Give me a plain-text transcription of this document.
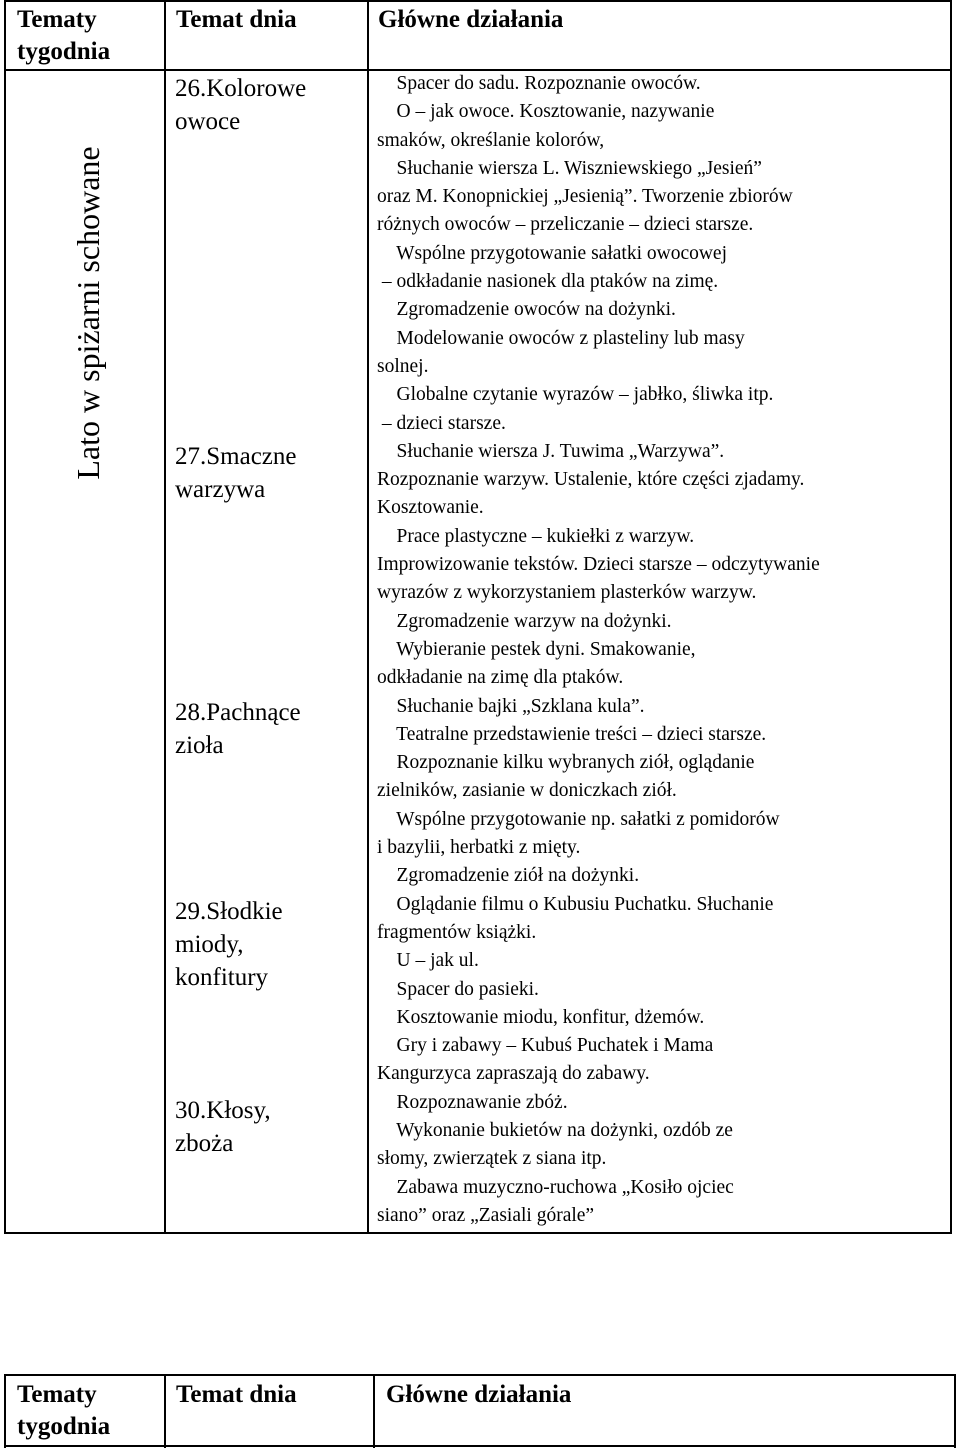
Tematy
tygodnia
Temat dnia	Główne działania
Lato w spiżarni schowane
26.Kolorowe
owoce
27.Smaczne
warzywa
28.Pachnące
zioła
29.Słodkie
miody,
konfitury
30.Kłosy,
zboża
Spacer do sadu. Rozpoznanie owoców.
O – jak owoce. Kosztowanie, nazywanie
smaków, określanie kolorów,
Słuchanie wiersza L. Wiszniewskiego „Jesień”
oraz M. Konopnickiej „Jesienią”. Tworzenie zbiorów
różnych owoców – przeliczanie – dzieci starsze.
Wspólne przygotowanie sałatki owocowej
– odkładanie nasionek dla ptaków na zimę.
Zgromadzenie owoców na dożynki.
Modelowanie owoców z plasteliny lub masy
solnej.
Globalne czytanie wyrazów – jabłko, śliwka itp.
– dzieci starsze.
Słuchanie wiersza J. Tuwima „Warzywa”.
Rozpoznanie warzyw. Ustalenie, które części zjadamy.
Kosztowanie.
Prace plastyczne – kukiełki z warzyw.
Improwizowanie tekstów. Dzieci starsze – odczytywanie
wyrazów z wykorzystaniem plasterków warzyw.
Zgromadzenie warzyw na dożynki.
Wybieranie pestek dyni. Smakowanie,
odkładanie na zimę dla ptaków.
Słuchanie bajki „Szklana kula”.
Teatralne przedstawienie treści – dzieci starsze.
Rozpoznanie kilku wybranych ziół, oglądanie
zielników, zasianie w doniczkach ziół.
Wspólne przygotowanie np. sałatki z pomidorów
i bazylii, herbatki z mięty.
Zgromadzenie ziół na dożynki.
Oglądanie filmu o Kubusiu Puchatku. Słuchanie
fragmentów książki.
U – jak ul.
Spacer do pasieki.
Kosztowanie miodu, konfitur, dżemów.
Gry i zabawy – Kubuś Puchatek i Mama
Kangurzyca zapraszają do zabawy.
Rozpoznawanie zbóż.
Wykonanie bukietów na dożynki, ozdób ze
słomy, zwierzątek z siana itp.
Zabawa muzyczno-ruchowa „Kosiło ojciec
siano” oraz „Zasiali górale”
Tematy
tygodnia
Temat dnia	Główne działania
